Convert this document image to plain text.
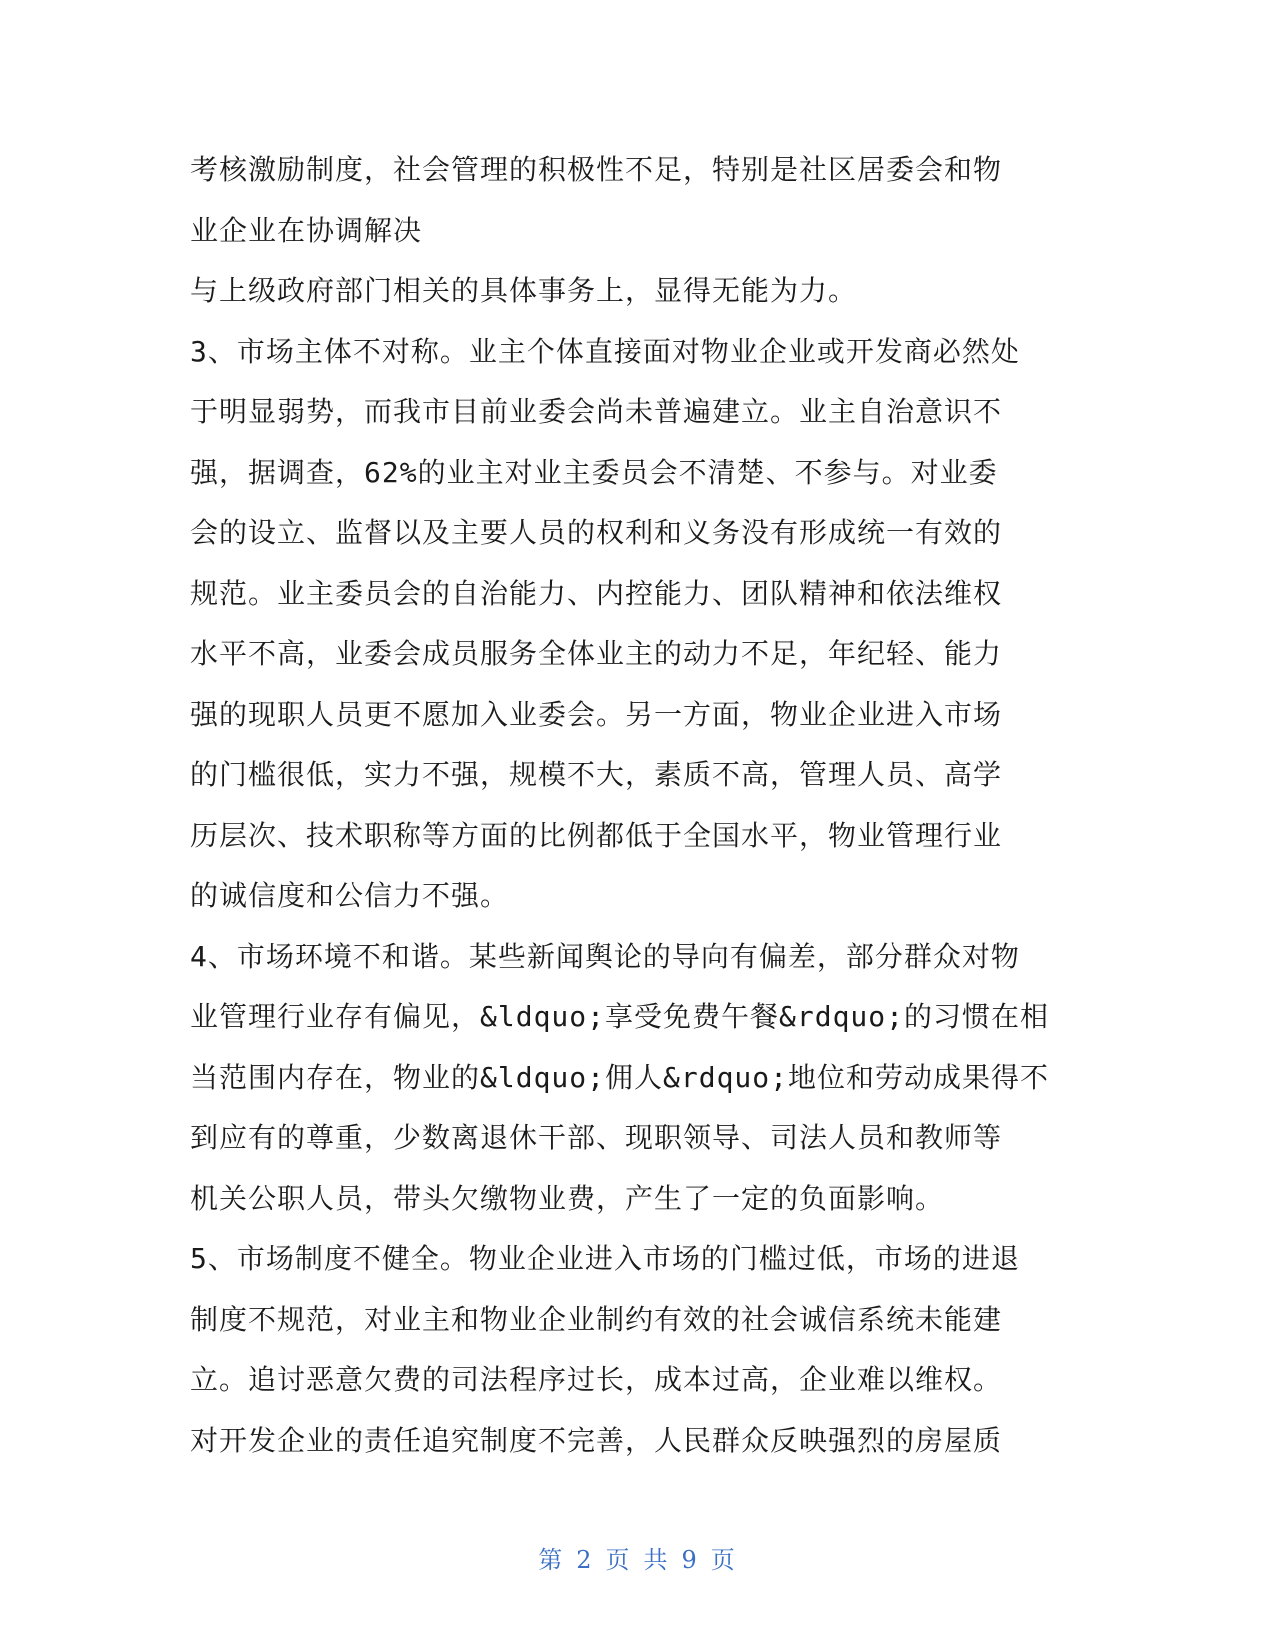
考核激励制度，社会管理的积极性不足，特别是社区居委会和物
业企业在协调解决
与上级政府部门相关的具体事务上，显得无能为力。
3、市场主体不对称。业主个体直接面对物业企业或开发商必然处
于明显弱势，而我市目前业委会尚未普遍建立。业主自治意识不
强，据调查，62%的业主对业主委员会不清楚、不参与。对业委
会的设立、监督以及主要人员的权利和义务没有形成统一有效的
规范。业主委员会的自治能力、内控能力、团队精神和依法维权
水平不高，业委会成员服务全体业主的动力不足，年纪轻、能力
强的现职人员更不愿加入业委会。另一方面，物业企业进入市场
的门槛很低，实力不强，规模不大，素质不高，管理人员、高学
历层次、技术职称等方面的比例都低于全国水平，物业管理行业
的诚信度和公信力不强。
4、市场环境不和谐。某些新闻舆论的导向有偏差，部分群众对物
业管理行业存有偏见，&ldquo;享受免费午餐&rdquo;的习惯在相
当范围内存在，物业的&ldquo;佣人&rdquo;地位和劳动成果得不
到应有的尊重，少数离退休干部、现职领导、司法人员和教师等
机关公职人员，带头欠缴物业费，产生了一定的负面影响。
5、市场制度不健全。物业企业进入市场的门槛过低，市场的进退
制度不规范，对业主和物业企业制约有效的社会诚信系统未能建
立。追讨恶意欠费的司法程序过长，成本过高，企业难以维权。
对开发企业的责任追究制度不完善，人民群众反映强烈的房屋质
第 2 页 共 9 页
